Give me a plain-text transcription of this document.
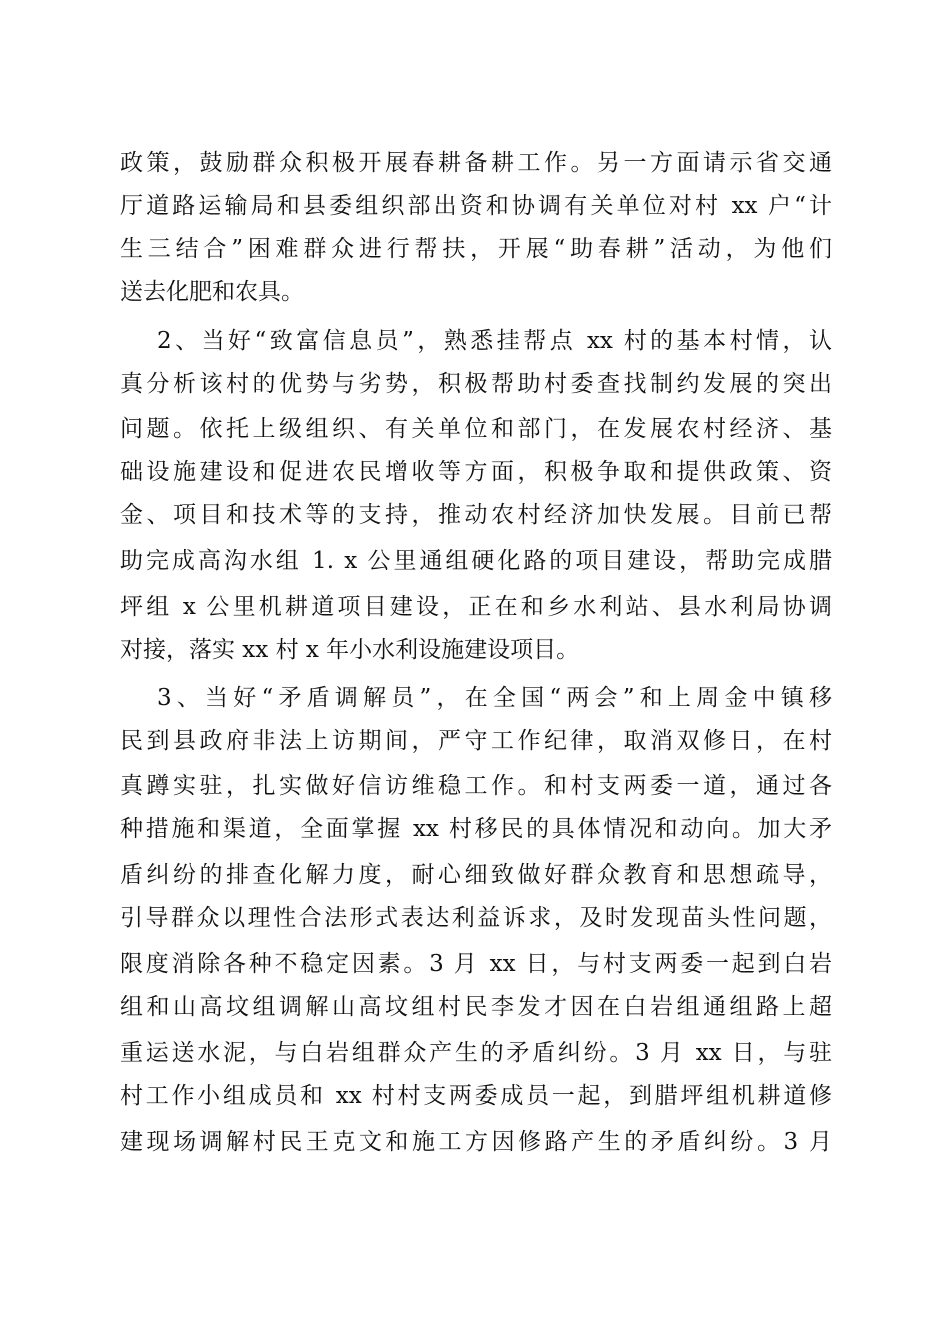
政策，鼓励群众积极开展春耕备耕工作。另一方面请示省交通
厅道路运输局和县委组织部出资和协调有关单位对村 xx 户“计
生三结合”困难群众进行帮扶，开展“助春耕”活动，为他们
送去化肥和农具。
2、当好“致富信息员”，熟悉挂帮点 xx 村的基本村情，认
真分析该村的优势与劣势，积极帮助村委查找制约发展的突出
问题。依托上级组织、有关单位和部门，在发展农村经济、基
础设施建设和促进农民增收等方面，积极争取和提供政策、资
金、项目和技术等的支持，推动农村经济加快发展。目前已帮
助完成高沟水组 1. x 公里通组硬化路的项目建设，帮助完成腊
坪组 x 公里机耕道项目建设，正在和乡水利站、县水利局协调
对接，落实 xx 村 x 年小水利设施建设项目。
3、当好“矛盾调解员”，在全国“两会”和上周金中镇移
民到县政府非法上访期间，严守工作纪律，取消双修日，在村
真蹲实驻，扎实做好信访维稳工作。和村支两委一道，通过各
种措施和渠道，全面掌握 xx 村移民的具体情况和动向。加大矛
盾纠纷的排查化解力度，耐心细致做好群众教育和思想疏导，
引导群众以理性合法形式表达利益诉求，及时发现苗头性问题，
限度消除各种不稳定因素。3 月 xx 日，与村支两委一起到白岩
组和山高坟组调解山高坟组村民李发才因在白岩组通组路上超
重运送水泥，与白岩组群众产生的矛盾纠纷。3 月 xx 日，与驻
村工作小组成员和 xx 村村支两委成员一起，到腊坪组机耕道修
建现场调解村民王克文和施工方因修路产生的矛盾纠纷。3 月
